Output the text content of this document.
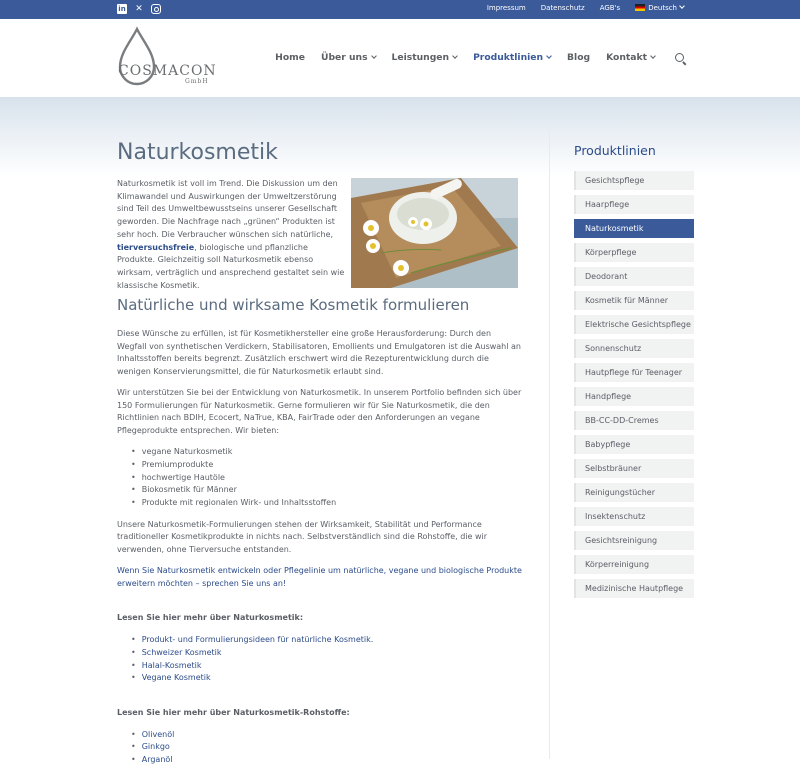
in ✕	Impressum Datenschutz AGB's	Deutsch
COSMACON
GmbH
Home Über uns	Leistungen	Produktlinien	Blog Kontakt
Naturkosmetik
Naturkosmetik ist voll im Trend. Die Diskussion um den Klimawandel und Auswirkungen der Umweltzerstörung sind Teil des Umweltbewusstseins unserer Gesellschaft geworden. Die Nachfrage nach „grünen“ Produkten ist sehr hoch. Die Verbraucher wünschen sich natürliche, tierversuchsfreie, biologische und pflanzliche Produkte. Gleichzeitig soll Naturkosmetik ebenso wirksam, verträglich und ansprechend gestaltet sein wie klassische Kosmetik.
Natürliche und wirksame Kosmetik formulieren

Diese Wünsche zu erfüllen, ist für Kosmetikhersteller eine große Herausforderung: Durch den Wegfall von synthetischen Verdickern, Stabilisatoren, Emollients und Emulgatoren ist die Auswahl an Inhaltsstoffen bereits begrenzt. Zusätzlich erschwert wird die Rezepturentwicklung durch die wenigen Konservierungsmittel, die für Naturkosmetik erlaubt sind.

Wir unterstützen Sie bei der Entwicklung von Naturkosmetik. In unserem Portfolio befinden sich über 150 Formulierungen für Naturkosmetik. Gerne formulieren wir für Sie Naturkosmetik, die den Richtlinien nach BDIH, Ecocert, NaTrue, KBA, FairTrade oder den Anforderungen an vegane Pflegeprodukte entsprechen. Wir bieten:

• vegane Naturkosmetik
• Premiumprodukte
• hochwertige Hautöle
• Biokosmetik für Männer
• Produkte mit regionalen Wirk- und Inhaltsstoffen

Unsere Naturkosmetik-Formulierungen stehen der Wirksamkeit, Stabilität und Performance traditioneller Kosmetikprodukte in nichts nach. Selbstverständlich sind die Rohstoffe, die wir verwenden, ohne Tierversuche entstanden.

Wenn Sie Naturkosmetik entwickeln oder Pflegelinie um natürliche, vegane und biologische Produkte erweitern möchten – sprechen Sie uns an!

Lesen Sie hier mehr über Naturkosmetik:

• Produkt- und Formulierungsideen für natürliche Kosmetik.
• Schweizer Kosmetik
• Halal-Kosmetik
• Vegane Kosmetik

Lesen Sie hier mehr über Naturkosmetik-Rohstoffe:

• Olivenöl
• Ginkgo
• Arganöl
Produktlinien
Gesichtspflege
Haarpflege
Naturkosmetik
Körperpflege
Deodorant
Kosmetik für Männer
Elektrische Gesichtspflege
Sonnenschutz
Hautpflege für Teenager
Handpflege
BB-CC-DD-Cremes
Babypflege
Selbstbräuner
Reinigungstücher
Insektenschutz
Gesichtsreinigung
Körperreinigung
Medizinische Hautpflege
